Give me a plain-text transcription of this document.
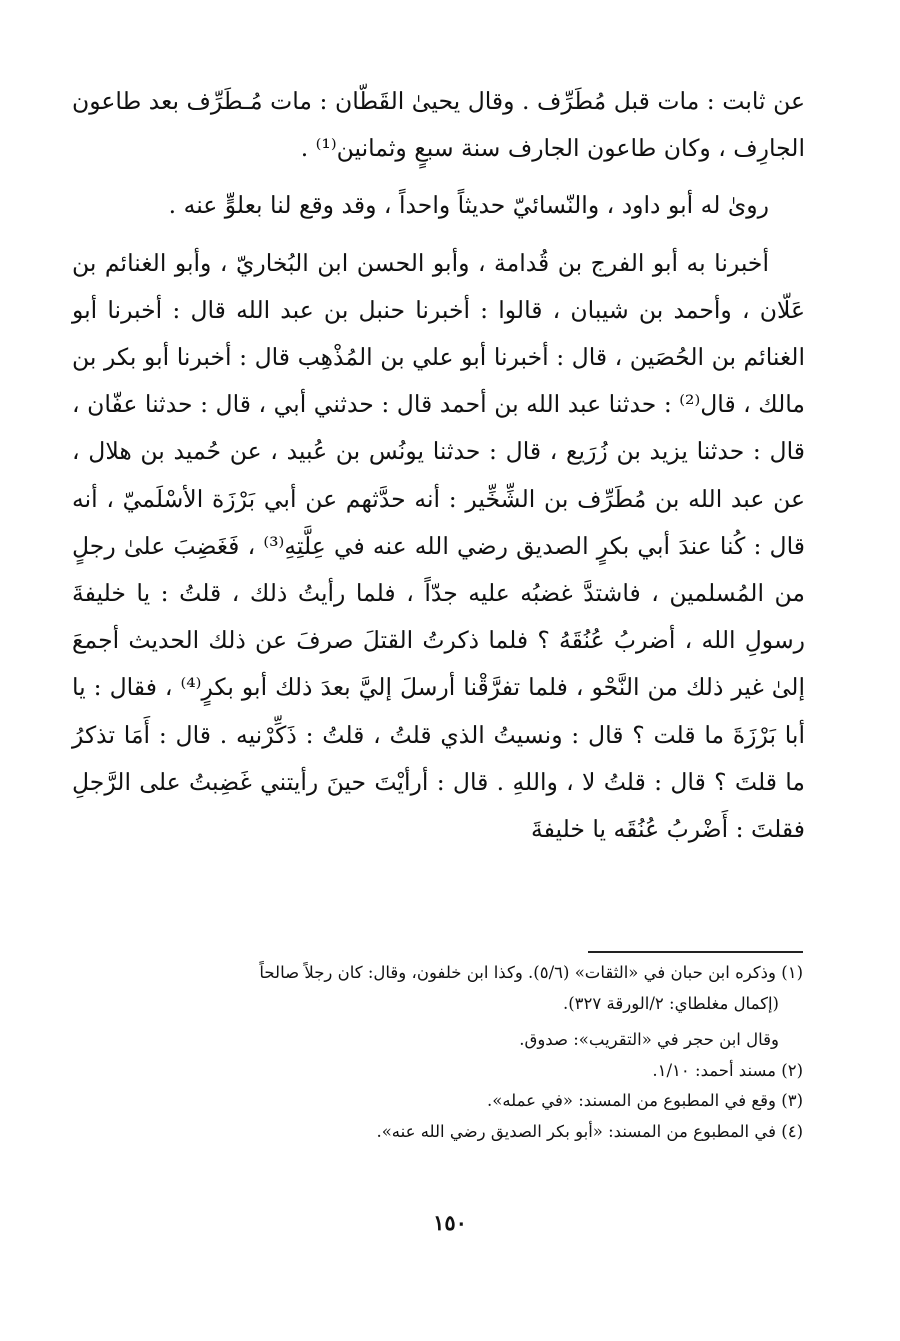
عن ثابت : مات قبل مُطَرِّف . وقال يحيىٰ القَطّان : مات مُـطَرِّف بعد طاعون الجارِف ، وكان طاعون الجارف سنة سبعٍ وثمانين⁽¹⁾ .

رویٰ له أبو داود ، والنّسائيّ حديثاً واحداً ، وقد وقع لنا بعلوٍّ عنه .

أخبرنا به أبو الفرج بن قُدامة ، وأبو الحسن ابن البُخاريّ ، وأبو الغنائم بن عَلّان ، وأحمد بن شيبان ، قالوا : أخبرنا حنبل بن عبد الله قال : أخبرنا أبو الغنائم بن الحُصَين ، قال : أخبرنا أبو علي بن المُذْهِب قال : أخبرنا أبو بكر بن مالك ، قال⁽²⁾ : حدثنا عبد الله بن أحمد قال : حدثني أبي ، قال : حدثنا عفّان ، قال : حدثنا يزيد بن زُرَيع ، قال : حدثنا يونُس بن عُبيد ، عن حُميد بن هلال ، عن عبد الله بن مُطَرِّف بن الشِّخِّير : أنه حدَّثهم عن أبي بَرْزَة الأسْلَميّ ، أنه قال : كُنا عندَ أبي بكرٍ الصديق رضي الله عنه في عِلَّتِهِ⁽³⁾ ، فَغَضِبَ علىٰ رجلٍ من المُسلمين ، فاشتدَّ غضبُه عليه جدّاً ، فلما رأيتُ ذلك ، قلتُ : يا خليفةَ رسولِ الله ، أضربُ عُنُقَهُ ؟ فلما ذكرتُ القتلَ صرفَ عن ذلك الحديث أجمعَ إلىٰ غير ذلك من النَّحْو ، فلما تفرَّقْنا أرسلَ إليَّ بعدَ ذلك أبو بكرٍ⁽⁴⁾ ، فقال : يا أبا بَرْزَةَ ما قلت ؟ قال : ونسيتُ الذي قلتُ ، قلتُ : ذَكِّرْنيه . قال : أَمَا تذكرُ ما قلتَ ؟ قال : قلتُ لا ، واللهِ . قال : أرأيْتَ حينَ رأيتني غَضِبتُ على الرَّجلِ فقلتَ : أَضْربُ عُنُقَه يا خليفةَ

(١) وذكره ابن حبان في «الثقات» (٥/٦). وكذا ابن خلفون، وقال: كان رجلاً صالحاً

(إكمال مغلطاي: ٢/الورقة ٣٢٧).

وقال ابن حجر في «التقريب»: صدوق.

(٢) مسند أحمد: ١/١٠.

(٣) وقع في المطبوع من المسند: «في عمله».

(٤) في المطبوع من المسند: «أبو بكر الصديق رضي الله عنه».

١٥٠
